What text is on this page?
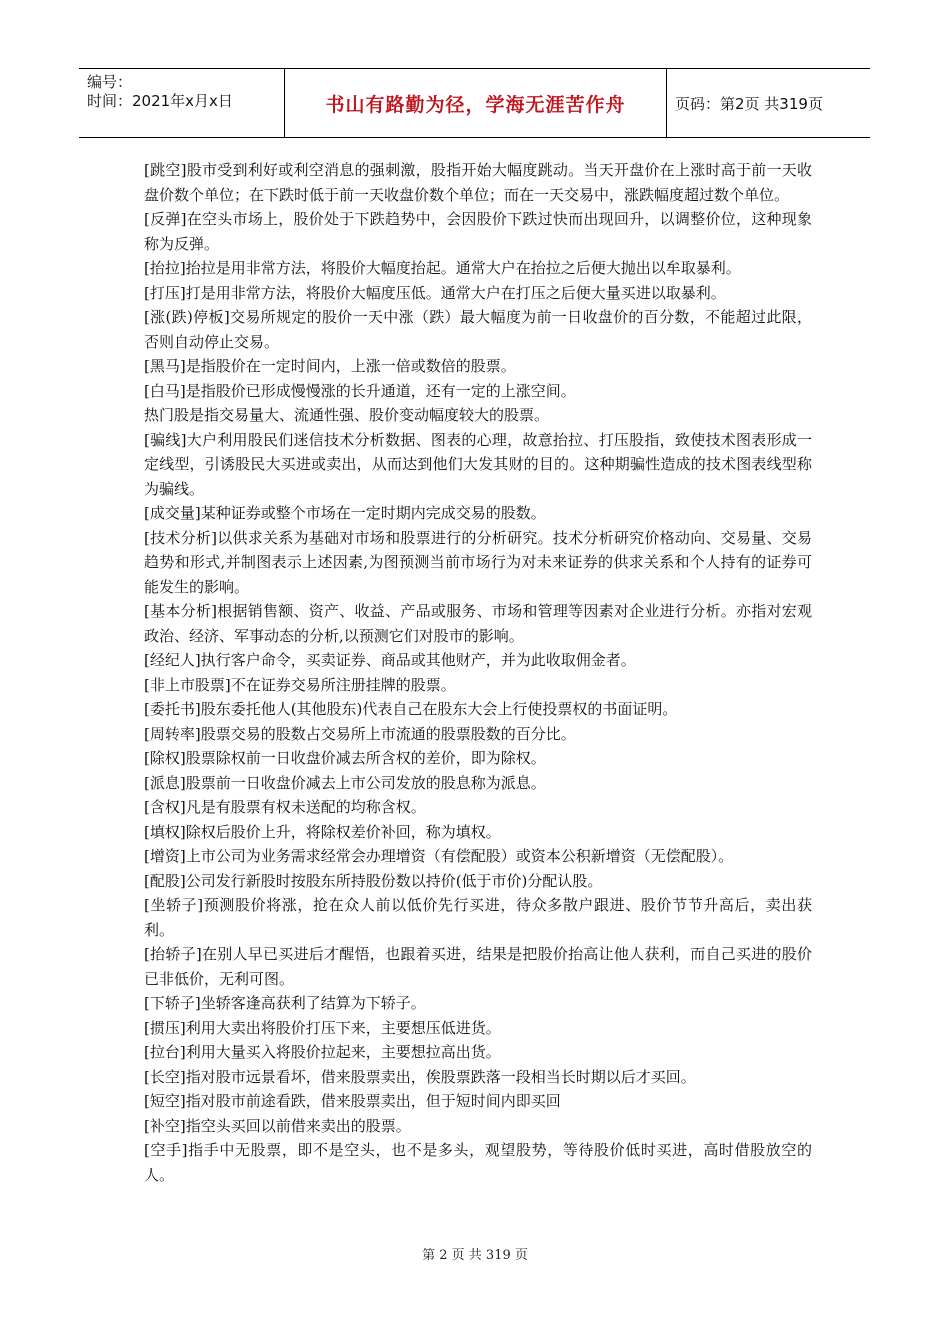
编号：
时间：2021年x月x日	书山有路勤为径，学海无涯苦作舟	页码：第2页 共319页

[跳空]股市受到利好或利空消息的强刺激，股指开始大幅度跳动。当天开盘价在上涨时高于前一天收盘价数个单位；在下跌时低于前一天收盘价数个单位；而在一天交易中，涨跌幅度超过数个单位。

[反弹]在空头市场上，股价处于下跌趋势中，会因股价下跌过快而出现回升，以调整价位，这种现象称为反弹。

[抬拉]抬拉是用非常方法，将股价大幅度抬起。通常大户在抬拉之后便大抛出以牟取暴利。

[打压]打是用非常方法，将股价大幅度压低。通常大户在打压之后便大量买进以取暴利。

[涨(跌)停板]交易所规定的股价一天中涨（跌）最大幅度为前一日收盘价的百分数，不能超过此限，否则自动停止交易。

[黑马]是指股价在一定时间内，上涨一倍或数倍的股票。

[白马]是指股价已形成慢慢涨的长升通道，还有一定的上涨空间。

热门股是指交易量大、流通性强、股价变动幅度较大的股票。

[骗线]大户利用股民们迷信技术分析数据、图表的心理，故意抬拉、打压股指，致使技术图表形成一定线型，引诱股民大买进或卖出，从而达到他们大发其财的目的。这种期骗性造成的技术图表线型称为骗线。

[成交量]某种证券或整个市场在一定时期内完成交易的股数。

[技术分析]以供求关系为基础对市场和股票进行的分析研究。技术分析研究价格动向、交易量、交易趋势和形式,并制图表示上述因素,为图预测当前市场行为对未来证券的供求关系和个人持有的证券可能发生的影响。

[基本分析]根据销售额、资产、收益、产品或服务、市场和管理等因素对企业进行分析。亦指对宏观政治、经济、军事动态的分析,以预测它们对股市的影响。

[经纪人]执行客户命令，买卖证券、商品或其他财产，并为此收取佣金者。

[非上市股票]不在证券交易所注册挂牌的股票。

[委托书]股东委托他人(其他股东)代表自己在股东大会上行使投票权的书面证明。

[周转率]股票交易的股数占交易所上市流通的股票股数的百分比。

[除权]股票除权前一日收盘价减去所含权的差价，即为除权。

[派息]股票前一日收盘价减去上市公司发放的股息称为派息。

[含权]凡是有股票有权未送配的均称含权。

[填权]除权后股价上升，将除权差价补回，称为填权。

[增资]上市公司为业务需求经常会办理增资（有偿配股）或资本公积新增资（无偿配股）。

[配股]公司发行新股时按股东所持股份数以持价(低于市价)分配认股。

[坐轿子]预测股价将涨，抢在众人前以低价先行买进，待众多散户跟进、股价节节升高后，卖出获利。

[抬轿子]在别人早已买进后才醒悟，也跟着买进，结果是把股价抬高让他人获利，而自己买进的股价已非低价，无利可图。

[下轿子]坐轿客逢高获利了结算为下轿子。

[掼压]利用大卖出将股价打压下来，主要想压低进货。

[拉台]利用大量买入将股价拉起来，主要想拉高出货。

[长空]指对股市远景看坏，借来股票卖出，俟股票跌落一段相当长时期以后才买回。

[短空]指对股市前途看跌，借来股票卖出，但于短时间内即买回

[补空]指空头买回以前借来卖出的股票。

[空手]指手中无股票，即不是空头，也不是多头，观望股势，等待股价低时买进，高时借股放空的人。

第 2 页 共 319 页
